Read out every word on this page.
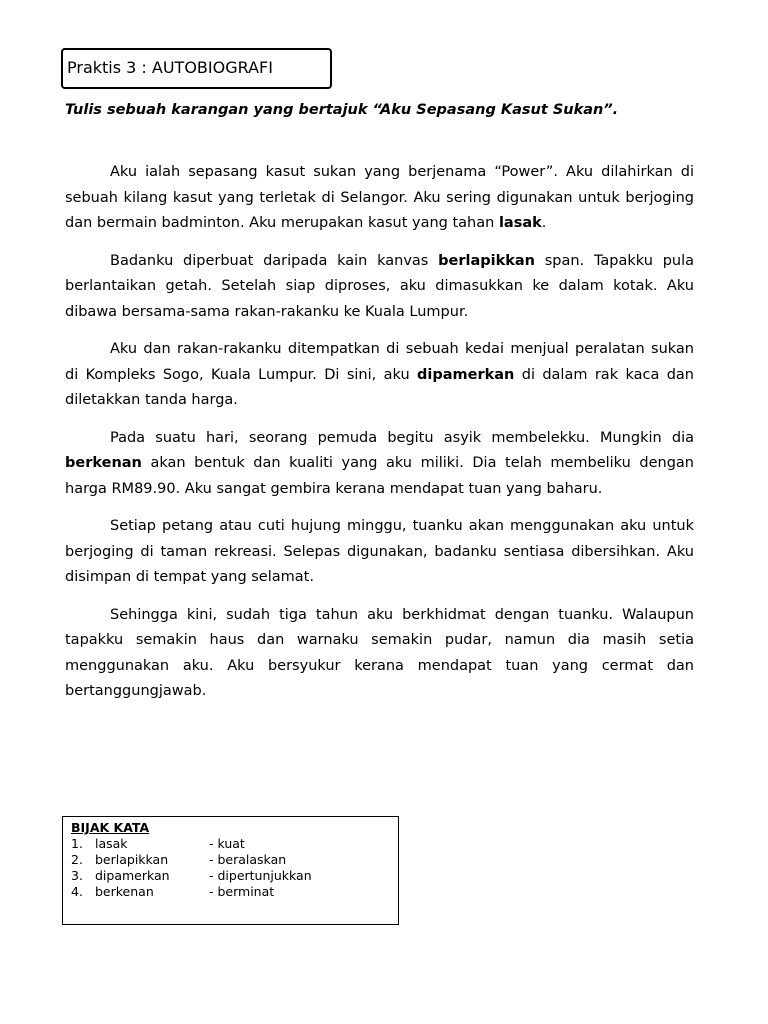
Praktis 3 : AUTOBIOGRAFI
Tulis sebuah karangan yang bertajuk “Aku Sepasang Kasut Sukan”.

Aku ialah sepasang kasut sukan yang berjenama “Power”. Aku dilahirkan di sebuah kilang kasut yang terletak di Selangor. Aku sering digunakan untuk berjoging dan bermain badminton. Aku merupakan kasut yang tahan lasak.

Badanku diperbuat daripada kain kanvas berlapikkan span. Tapakku pula berlantaikan getah. Setelah siap diproses, aku dimasukkan ke dalam kotak. Aku dibawa bersama-sama rakan-rakanku ke Kuala Lumpur.

Aku dan rakan-rakanku ditempatkan di sebuah kedai menjual peralatan sukan di Kompleks Sogo, Kuala Lumpur. Di sini, aku dipamerkan di dalam rak kaca dan diletakkan tanda harga.

Pada suatu hari, seorang pemuda begitu asyik membelekku. Mungkin dia berkenan akan bentuk dan kualiti yang aku miliki. Dia telah membeliku dengan harga RM89.90. Aku sangat gembira kerana mendapat tuan yang baharu.

Setiap petang atau cuti hujung minggu, tuanku akan menggunakan aku untuk berjoging di taman rekreasi. Selepas digunakan, badanku sentiasa dibersihkan. Aku disimpan di tempat yang selamat.

Sehingga kini, sudah tiga tahun aku berkhidmat dengan tuanku. Walaupun tapakku semakin haus dan warnaku semakin pudar, namun dia masih setia menggunakan aku. Aku bersyukur kerana mendapat tuan yang cermat dan bertanggungjawab.

BIJAK KATA
1. lasak	- kuat
2. berlapikkan	- beralaskan
3. dipamerkan	- dipertunjukkan
4. berkenan	- berminat
